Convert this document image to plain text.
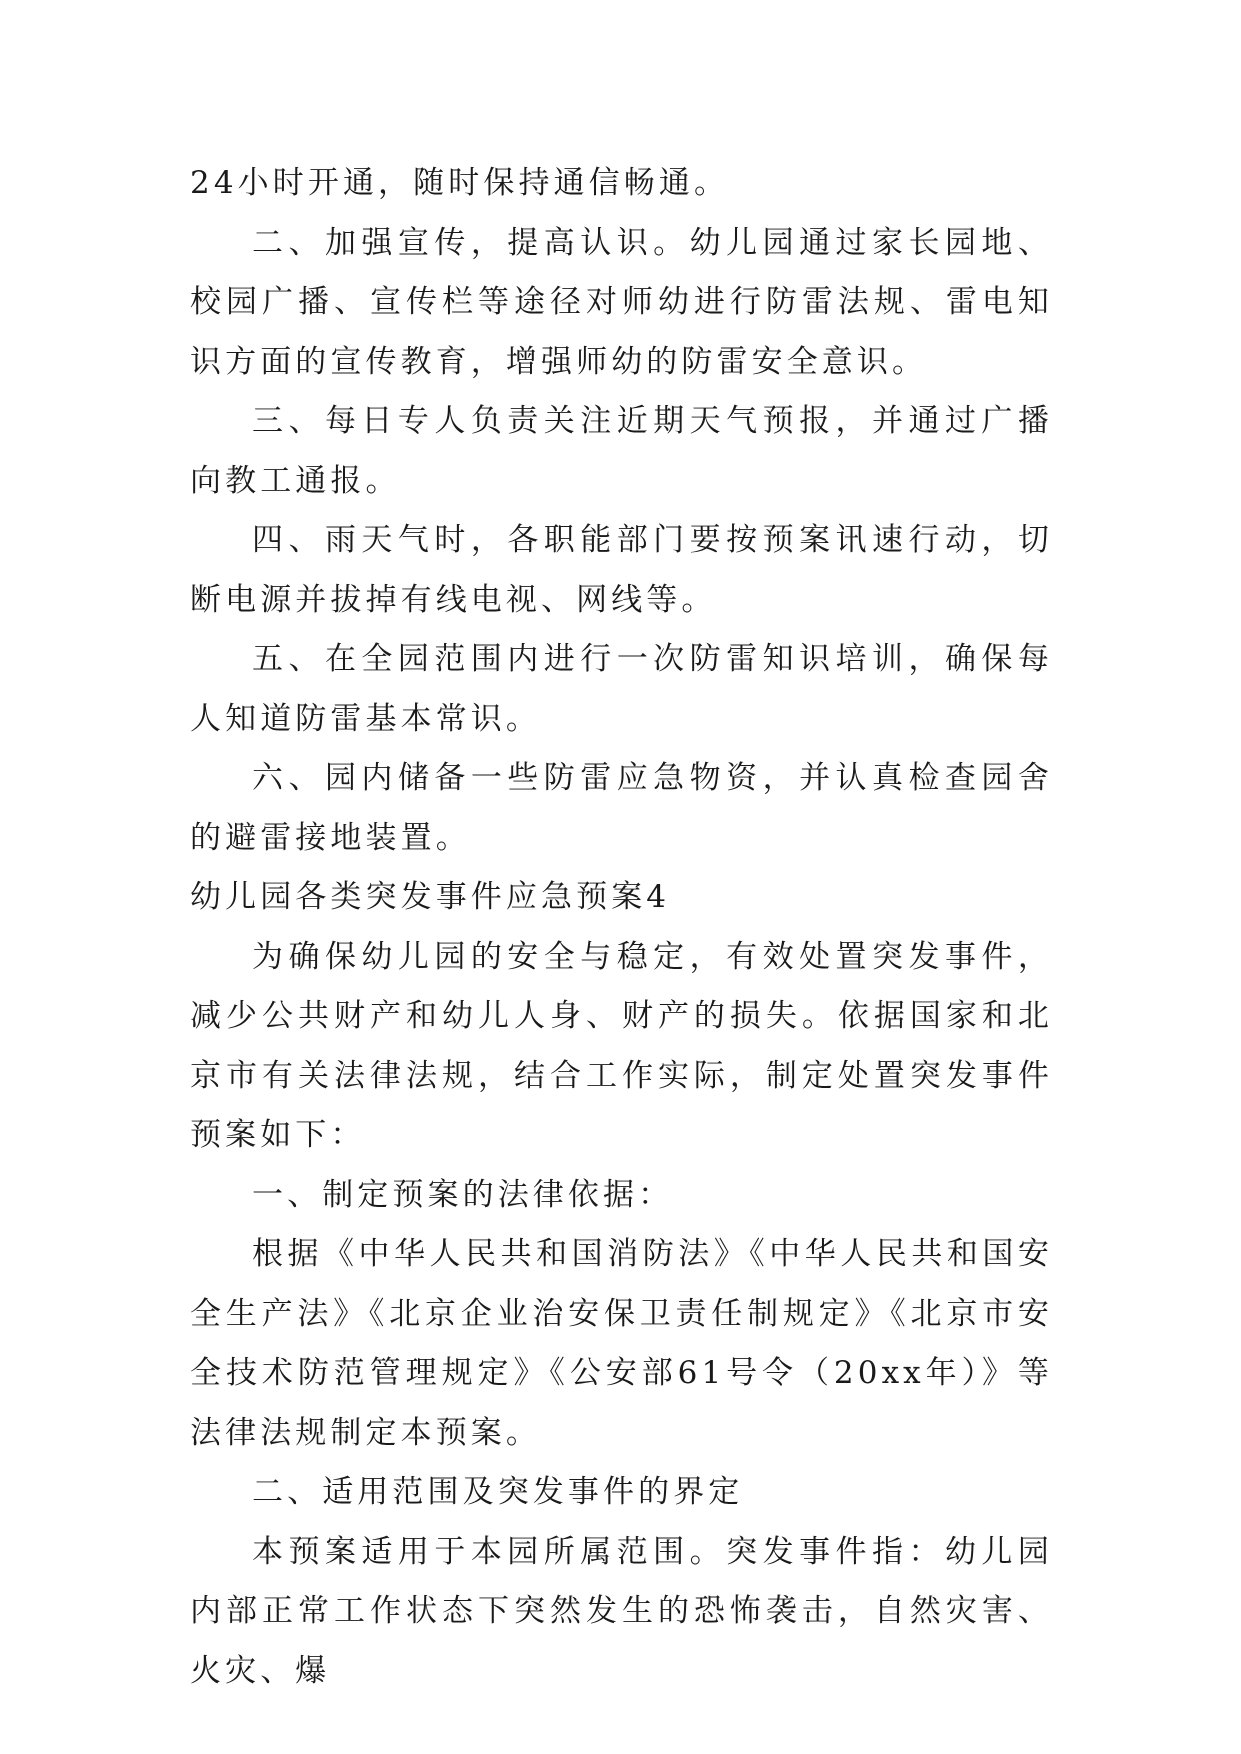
24小时开通，随时保持通信畅通。

二、加强宣传，提高认识。幼儿园通过家长园地、校园广播、宣传栏等途径对师幼进行防雷法规、雷电知识方面的宣传教育，增强师幼的防雷安全意识。

三、每日专人负责关注近期天气预报，并通过广播向教工通报。

四、雨天气时，各职能部门要按预案讯速行动，切断电源并拔掉有线电视、网线等。

五、在全园范围内进行一次防雷知识培训，确保每人知道防雷基本常识。

六、园内储备一些防雷应急物资，并认真检查园舍的避雷接地装置。

幼儿园各类突发事件应急预案4

为确保幼儿园的安全与稳定，有效处置突发事件，减少公共财产和幼儿人身、财产的损失。依据国家和北京市有关法律法规，结合工作实际，制定处置突发事件预案如下：

一、制定预案的法律依据：

根据《中华人民共和国消防法》《中华人民共和国安全生产法》《北京企业治安保卫责任制规定》《北京市安全技术防范管理规定》《公安部61号令（20xx年）》等法律法规制定本预案。

二、适用范围及突发事件的界定

本预案适用于本园所属范围。突发事件指：幼儿园内部正常工作状态下突然发生的恐怖袭击，自然灾害、火灾、爆
